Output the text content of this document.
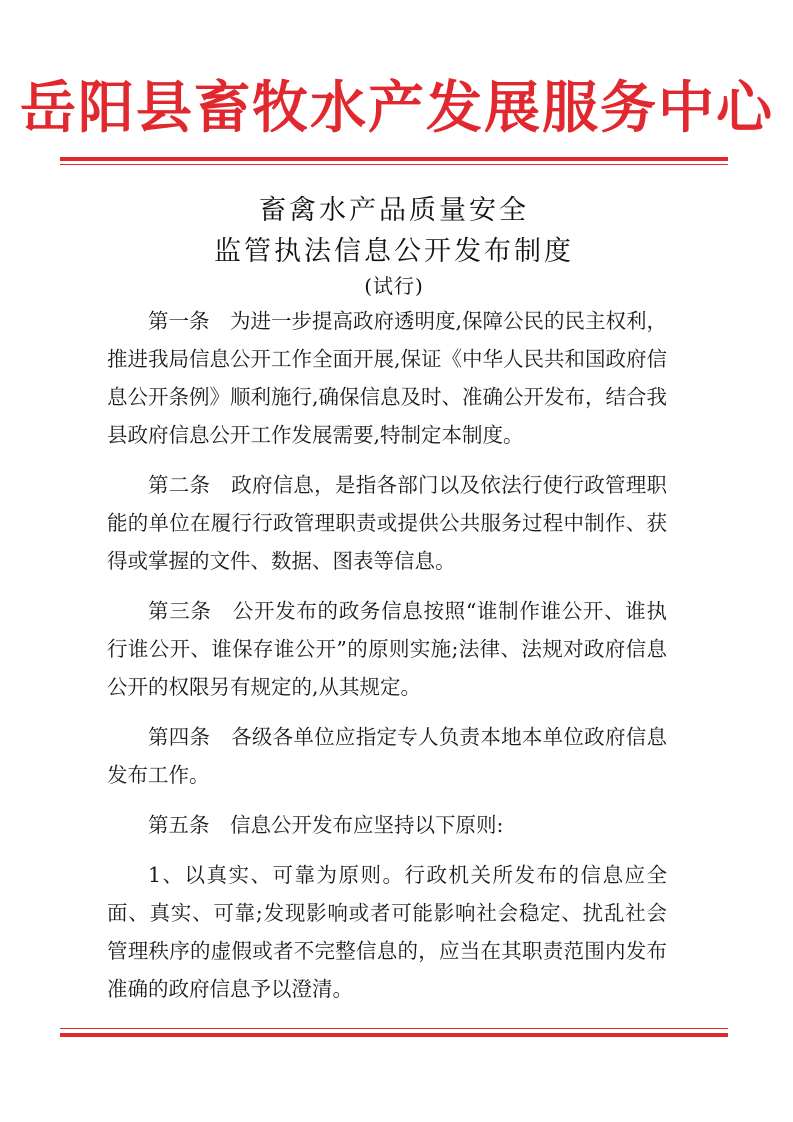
岳阳县畜牧水产发展服务中心
畜禽水产品质量安全
监管执法信息公开发布制度
(试行)

第一条　为进一步提高政府透明度,保障公民的民主权利，推进我局信息公开工作全面开展,保证《中华人民共和国政府信息公开条例》顺利施行,确保信息及时、准确公开发布，结合我县政府信息公开工作发展需要,特制定本制度。

第二条　政府信息，是指各部门以及依法行使行政管理职能的单位在履行行政管理职责或提供公共服务过程中制作、获得或掌握的文件、数据、图表等信息。

第三条　公开发布的政务信息按照“谁制作谁公开、谁执行谁公开、谁保存谁公开”的原则实施;法律、法规对政府信息公开的权限另有规定的,从其规定。

第四条　各级各单位应指定专人负责本地本单位政府信息发布工作。

第五条　信息公开发布应坚持以下原则:

1、以真实、可靠为原则。行政机关所发布的信息应全面、真实、可靠;发现影响或者可能影响社会稳定、扰乱社会管理秩序的虚假或者不完整信息的，应当在其职责范围内发布准确的政府信息予以澄清。
